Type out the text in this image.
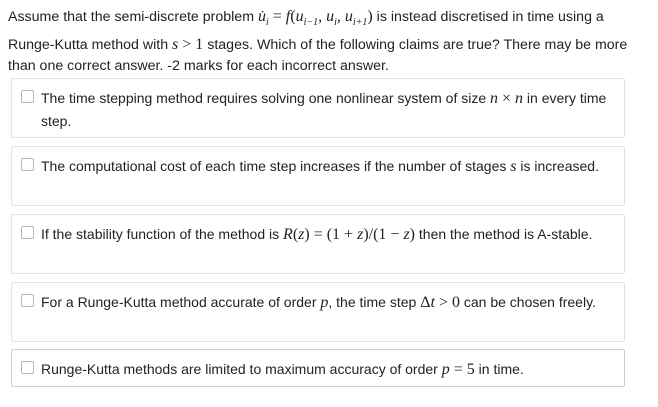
Assume that the semi-discrete problem $u̇_i = f(u_{i-1}$, $u_i$, $u_{i+1}$) is instead discretised in time using a Runge-Kutta method with s > 1 stages. Which of the following claims are true? There may be more than one correct answer. -2 marks for each incorrect answer.
The time stepping method requires solving one nonlinear system of size n × n in every time step.
The computational cost of each time step increases if the number of stages s is increased.
If the stability function of the method is R(z) = (1 + z)/(1 − z) then the method is A-stable.
For a Runge-Kutta method accurate of order p, the time step Δt > 0 can be chosen freely.
Runge-Kutta methods are limited to maximum accuracy of order p = 5 in time.
